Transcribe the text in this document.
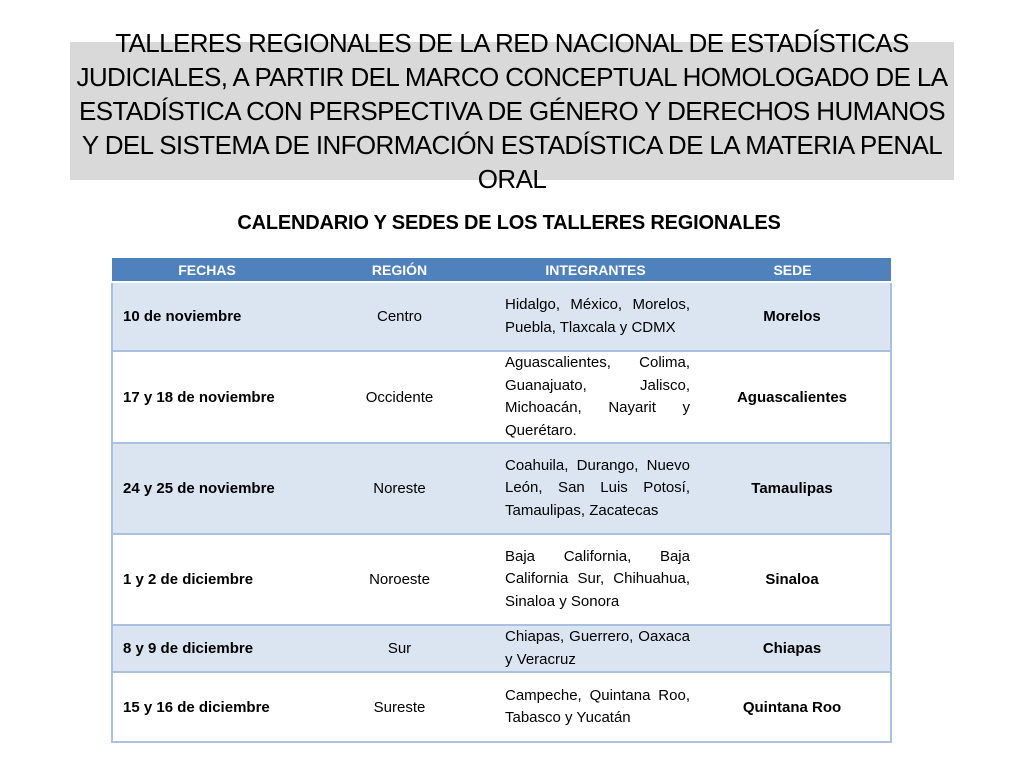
TALLERES REGIONALES DE LA RED NACIONAL DE ESTADÍSTICAS JUDICIALES, A PARTIR DEL MARCO CONCEPTUAL HOMOLOGADO DE LA ESTADÍSTICA CON PERSPECTIVA DE GÉNERO Y DERECHOS HUMANOS Y DEL SISTEMA DE INFORMACIÓN ESTADÍSTICA DE LA MATERIA PENAL ORAL
CALENDARIO Y SEDES DE LOS TALLERES REGIONALES
FECHAS	REGIÓN	INTEGRANTES	SEDE
10 de noviembre	Centro	Hidalgo, México, Morelos, Puebla, Tlaxcala y CDMX	Morelos
17 y 18 de noviembre	Occidente	Aguascalientes, Colima, Guanajuato, Jalisco, Michoacán, Nayarit y Querétaro.	Aguascalientes
24 y 25 de noviembre	Noreste	Coahuila, Durango, Nuevo León, San Luis Potosí, Tamaulipas, Zacatecas	Tamaulipas
1 y 2 de diciembre	Noroeste	Baja California, Baja California Sur, Chihuahua, Sinaloa y Sonora	Sinaloa
8 y 9 de diciembre	Sur	Chiapas, Guerrero, Oaxaca y Veracruz	Chiapas
15 y 16 de diciembre	Sureste	Campeche, Quintana Roo, Tabasco y Yucatán	Quintana Roo
